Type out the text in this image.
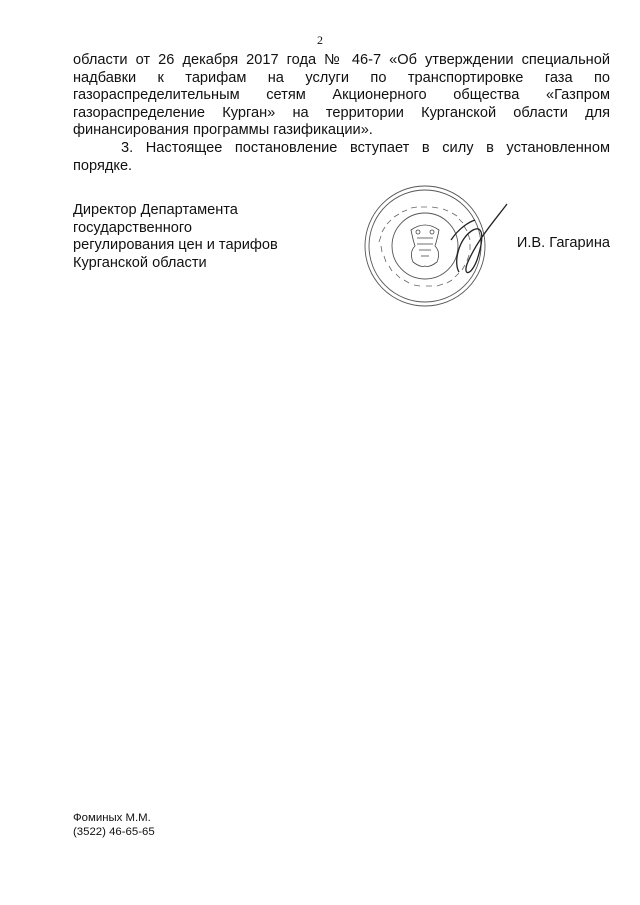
2

области от 26 декабря 2017 года № 46-7 «Об утверждении специальной надбавки к тарифам на услуги по транспортировке газа по газораспределительным сетям Акционерного общества «Газпром газораспределение Курган» на территории Курганской области для финансирования программы газификации».

3. Настоящее постановление вступает в силу в установленном порядке.

Директор Департамента государственного
регулирования цен и тарифов
Курганской области
И.В. Гагарина
Фоминых М.М.
(3522) 46-65-65
